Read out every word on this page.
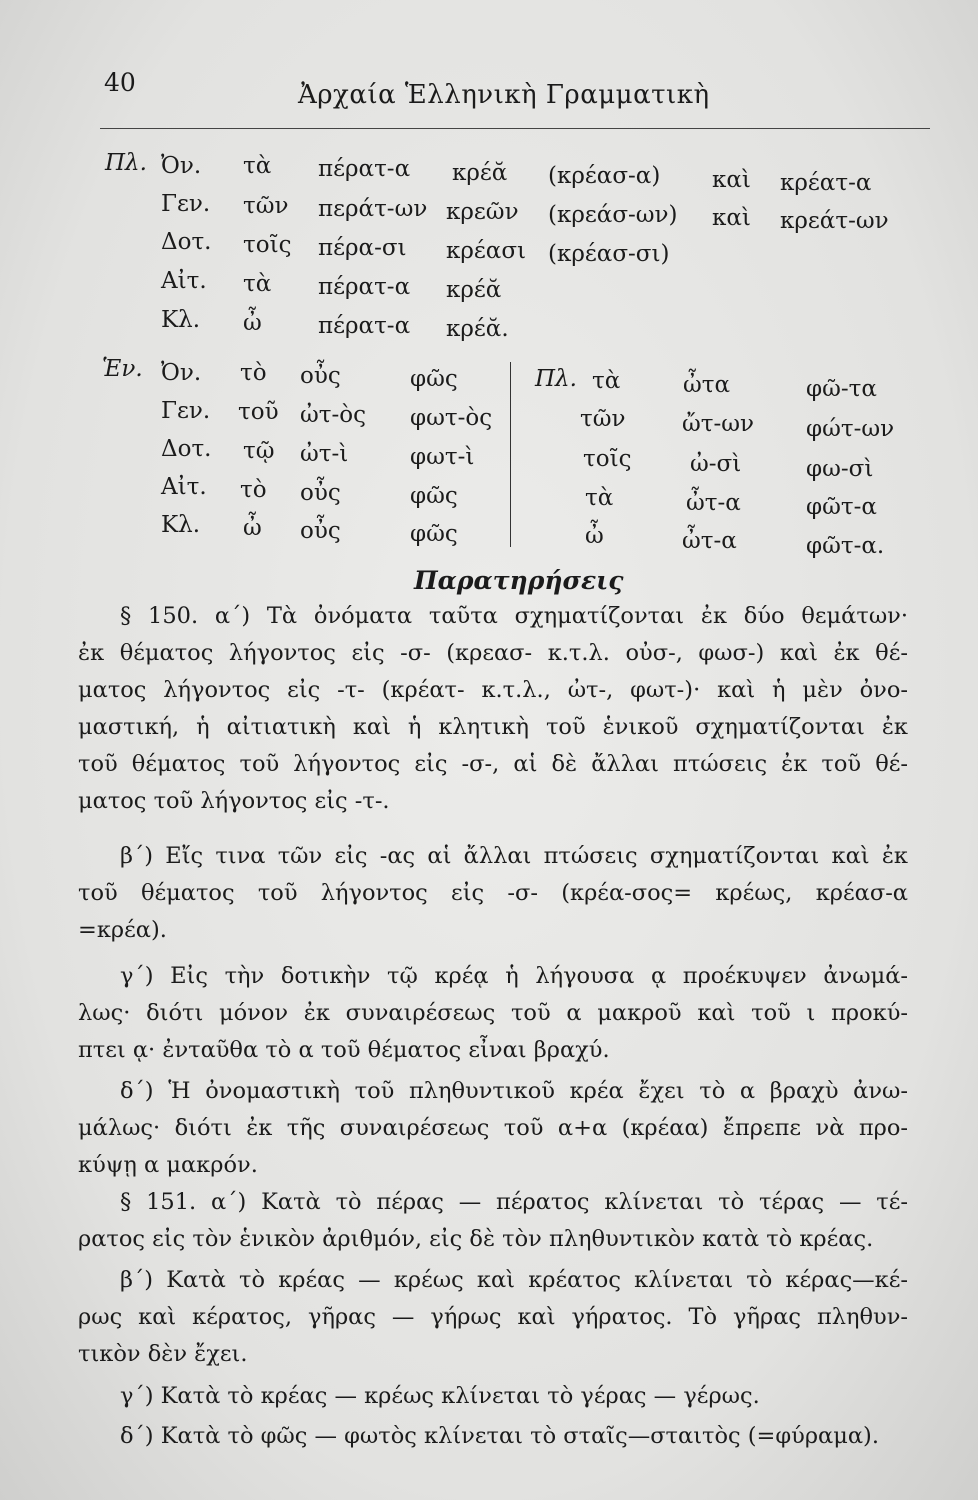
40	Ἀρχαία Ἑλληνικὴ Γραμματικὴ
Πλ. Ὀν. τὰ πέρατ-α κρέᾰ (κρέασ-α) καὶ κρέατ-α
Γεν. τῶν περάτ-ων κρεῶν (κρεάσ-ων) καὶ κρεάτ-ων
Δοτ. τοῖς πέρα-σι κρέασι (κρέασ-σι)
Αἰτ. τὰ πέρατ-α κρέᾰ
Κλ. ὦ πέρατ-α κρέᾰ.
Ἑν. Ὀν. τὸ οὖς	φῶς
Γεν. τοῦ ὠτ-ὸς φωτ-ὸς
Δοτ. τῷ ὠτ-ὶ	φωτ-ὶ
Αἰτ. τὸ οὖς	φῶς
Κλ. ὦ οὖς	φῶς
Πλ. τὰ	ὦτα	φῶ-τα
τῶν ὤτ-ων φώτ-ων
τοῖς	ὠ-σὶ	φω-σὶ
τὰ	ὦτ-α	φῶτ-α
ὦ	ὦτ-α	φῶτ-α.
Παρατηρήσεις
§ 150. α΄) Τὰ ὀνόματα ταῦτα σχηματίζονται ἐκ δύο θεμάτων·
ἐκ θέματος λήγοντος εἰς -σ- (κρεασ- κ.τ.λ. οὐσ-, φωσ-) καὶ ἐκ θέ-
ματος λήγοντος εἰς -τ- (κρέατ- κ.τ.λ., ὠτ-, φωτ-)· καὶ ἡ μὲν ὀνο-
μαστική, ἡ αἰτιατικὴ καὶ ἡ κλητικὴ τοῦ ἑνικοῦ σχηματίζονται ἐκ
τοῦ θέματος τοῦ λήγοντος εἰς -σ-, αἱ δὲ ἄλλαι πτώσεις ἐκ τοῦ θέ-
ματος τοῦ λήγοντος εἰς -τ-.
β΄) Εἴς τινα τῶν εἰς -ας αἱ ἄλλαι πτώσεις σχηματίζονται καὶ ἐκ
τοῦ θέματος τοῦ λήγοντος εἰς -σ- (κρέα-σος= κρέως, κρέασ-α
=κρέα).
γ΄) Εἰς τὴν δοτικὴν τῷ κρέᾳ ἡ λήγουσα ᾳ προέκυψεν ἀνωμά-
λως· διότι μόνον ἐκ συναιρέσεως τοῦ α μακροῦ καὶ τοῦ ι προκύ-
πτει ᾳ· ἐνταῦθα τὸ α τοῦ θέματος εἶναι βραχύ.
δ΄) Ἡ ὀνομαστικὴ τοῦ πληθυντικοῦ κρέα ἔχει τὸ α βραχὺ ἀνω-
μάλως· διότι ἐκ τῆς συναιρέσεως τοῦ α+α (κρέαα) ἔπρεπε νὰ προ-
κύψῃ α μακρόν.
§ 151. α΄) Κατὰ τὸ πέρας — πέρατος κλίνεται τὸ τέρας — τέ-
ρατος εἰς τὸν ἑνικὸν ἀριθμόν, εἰς δὲ τὸν πληθυντικὸν κατὰ τὸ κρέας.
β΄) Κατὰ τὸ κρέας — κρέως καὶ κρέατος κλίνεται τὸ κέρας—κέ-
ρως καὶ κέρατος, γῆρας — γήρως καὶ γήρατος. Τὸ γῆρας πληθυν-
τικὸν δὲν ἔχει.
γ΄) Κατὰ τὸ κρέας — κρέως κλίνεται τὸ γέρας — γέρως.
δ΄) Κατὰ τὸ φῶς — φωτὸς κλίνεται τὸ σταῖς—σταιτὸς (=φύραμα).
